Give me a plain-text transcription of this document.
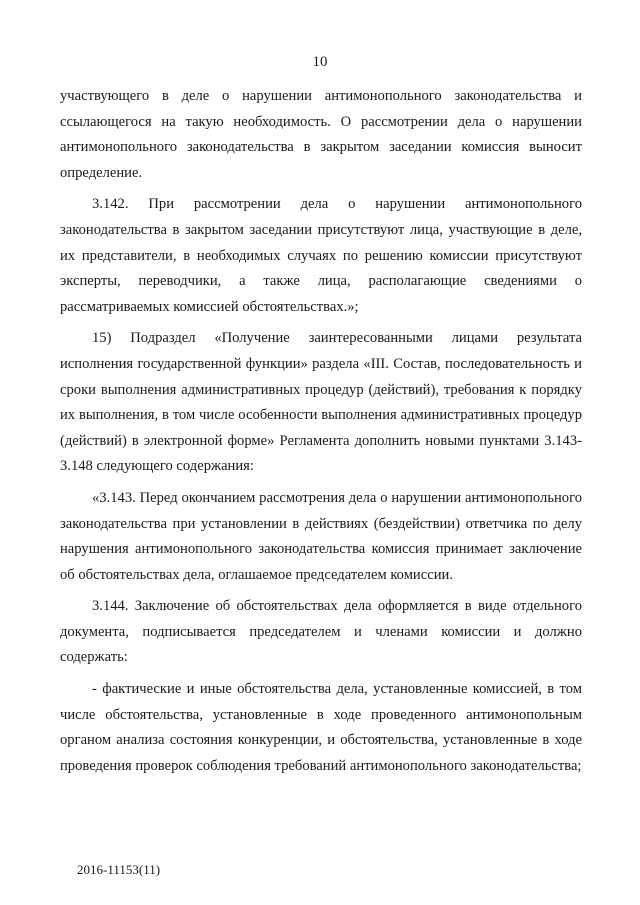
10

участвующего в деле о нарушении антимонопольного законодательства и ссылающегося на такую необходимость. О рассмотрении дела о нарушении антимонопольного законодательства в закрытом заседании комиссия выносит определение.

3.142. При рассмотрении дела о нарушении антимонопольного законодательства в закрытом заседании присутствуют лица, участвующие в деле, их представители, в необходимых случаях по решению комиссии присутствуют эксперты, переводчики, а также лица, располагающие сведениями о рассматриваемых комиссией обстоятельствах.»;

15) Подраздел «Получение заинтересованными лицами результата исполнения государственной функции» раздела «III. Состав, последовательность и сроки выполнения административных процедур (действий), требования к порядку их выполнения, в том числе особенности выполнения административных процедур (действий) в электронной форме» Регламента дополнить новыми пунктами 3.143-3.148 следующего содержания:

«3.143. Перед окончанием рассмотрения дела о нарушении антимонопольного законодательства при установлении в действиях (бездействии) ответчика по делу нарушения антимонопольного законодательства комиссия принимает заключение об обстоятельствах дела, оглашаемое председателем комиссии.

3.144. Заключение об обстоятельствах дела оформляется в виде отдельного документа, подписывается председателем и членами комиссии и должно содержать:

- фактические и иные обстоятельства дела, установленные комиссией, в том числе обстоятельства, установленные в ходе проведенного антимонопольным органом анализа состояния конкуренции, и обстоятельства, установленные в ходе проведения проверок соблюдения требований антимонопольного законодательства;

2016-11153(11)
